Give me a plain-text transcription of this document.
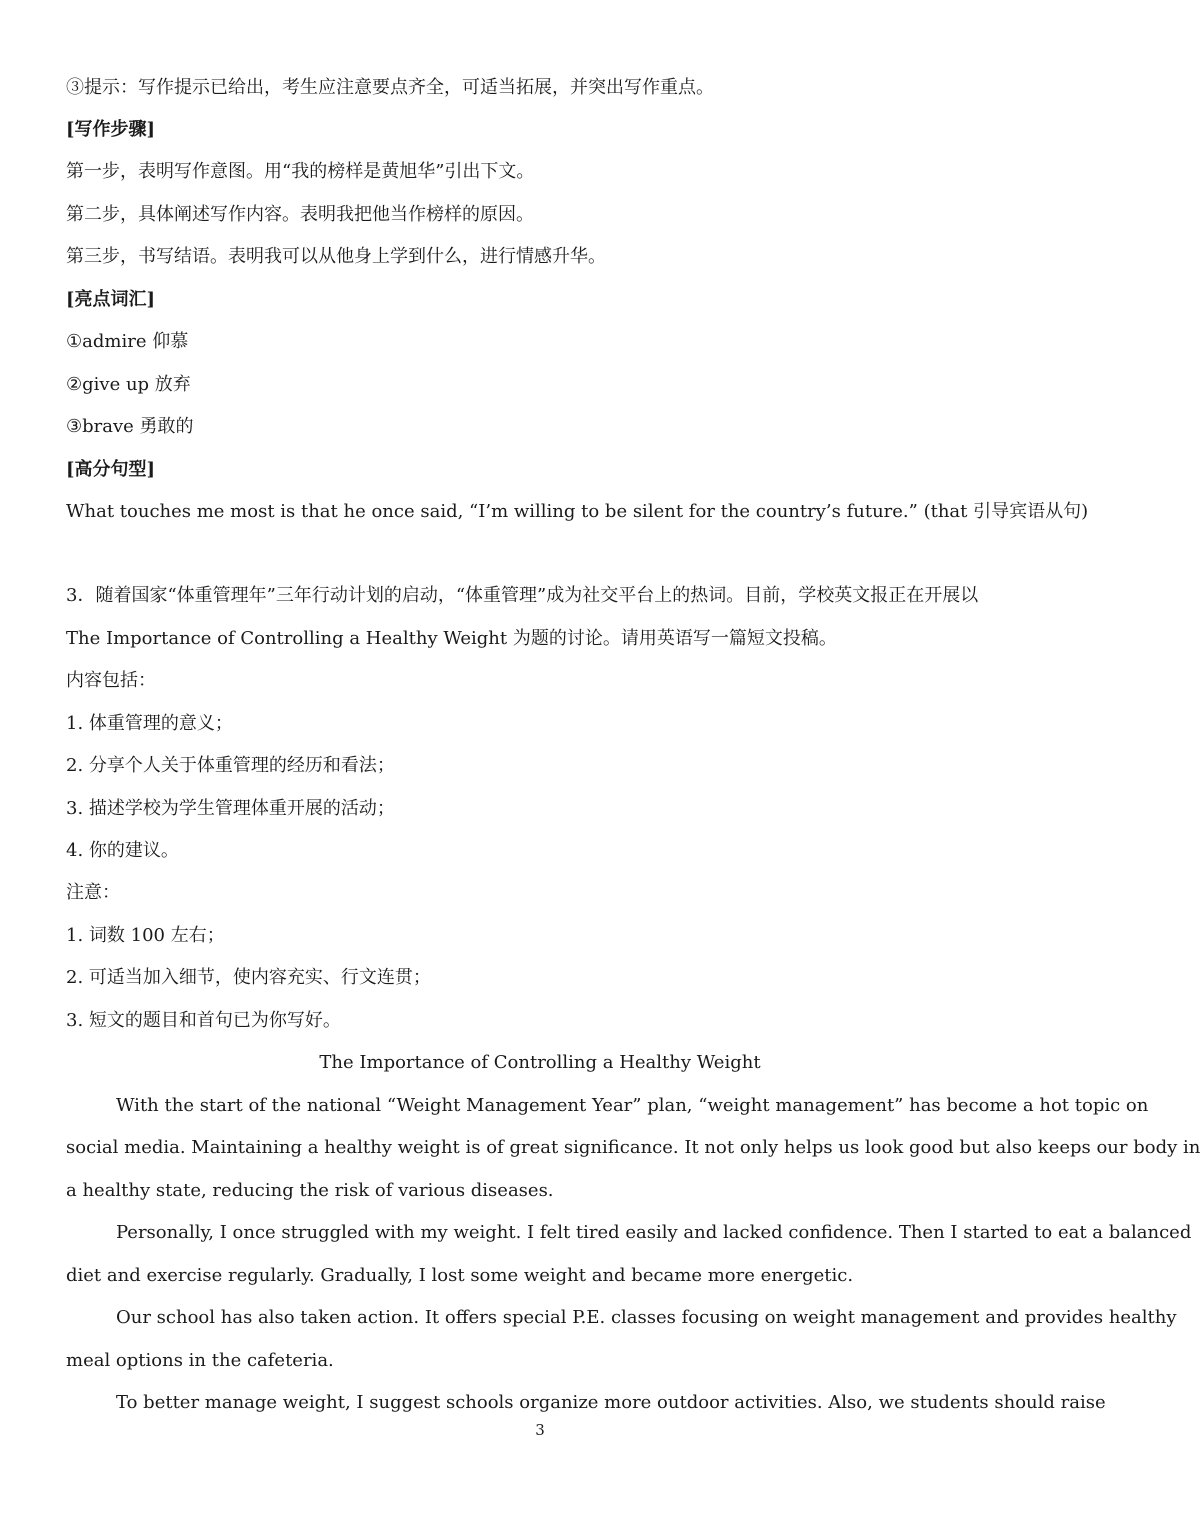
③提示：写作提示已给出，考生应注意要点齐全，可适当拓展，并突出写作重点。
[写作步骤]
第一步，表明写作意图。用“我的榜样是黄旭华”引出下文。
第二步，具体阐述写作内容。表明我把他当作榜样的原因。
第三步，书写结语。表明我可以从他身上学到什么，进行情感升华。
[亮点词汇]
①admire 仰慕
②give up 放弃
③brave 勇敢的
[高分句型]
What touches me most is that he once said, “I’m willing to be silent for the country’s future.” (that 引导宾语从句)
3．随着国家“体重管理年”三年行动计划的启动，“体重管理”成为社交平台上的热词。目前，学校英文报正在开展以
The Importance of Controlling a Healthy Weight 为题的讨论。请用英语写一篇短文投稿。
内容包括：
1. 体重管理的意义；
2. 分享个人关于体重管理的经历和看法；
3. 描述学校为学生管理体重开展的活动；
4. 你的建议。
注意：
1. 词数 100 左右；
2. 可适当加入细节，使内容充实、行文连贯；
3. 短文的题目和首句已为你写好。
The Importance of Controlling a Healthy Weight
With the start of the national “Weight Management Year” plan, “weight management” has become a hot topic on
social media. Maintaining a healthy weight is of great significance. It not only helps us look good but also keeps our body in
a healthy state, reducing the risk of various diseases.
Personally, I once struggled with my weight. I felt tired easily and lacked confidence. Then I started to eat a balanced
diet and exercise regularly. Gradually, I lost some weight and became more energetic.
Our school has also taken action. It offers special P.E. classes focusing on weight management and provides healthy
meal options in the cafeteria.
To better manage weight, I suggest schools organize more outdoor activities. Also, we students should raise
3
